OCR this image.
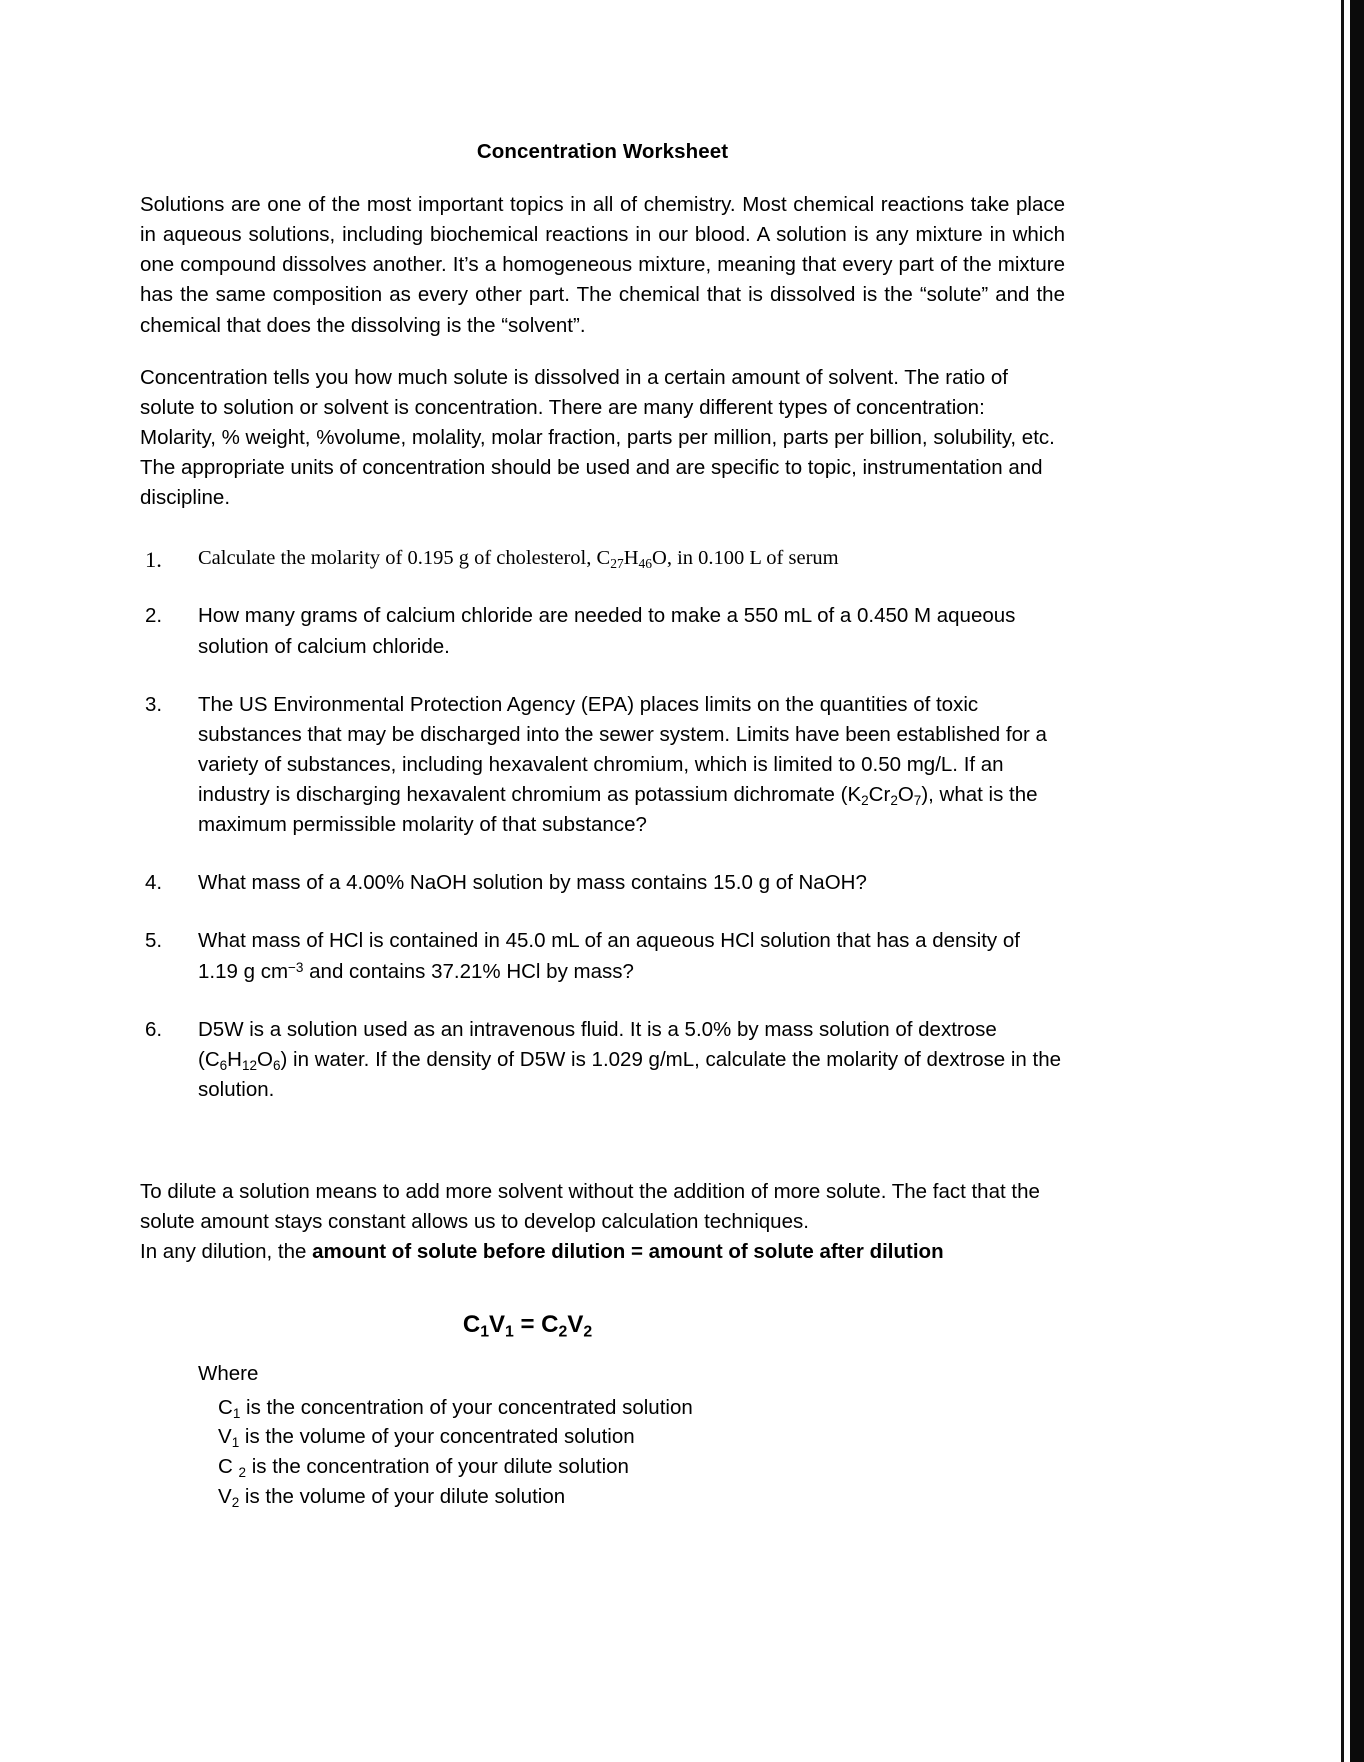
Concentration Worksheet

Solutions are one of the most important topics in all of chemistry. Most chemical reactions take place in aqueous solutions, including biochemical reactions in our blood. A solution is any mixture in which one compound dissolves another. It’s a homogeneous mixture, meaning that every part of the mixture has the same composition as every other part. The chemical that is dissolved is the “solute” and the chemical that does the dissolving is the “solvent”.

Concentration tells you how much solute is dissolved in a certain amount of solvent. The ratio of solute to solution or solvent is concentration. There are many different types of concentration: Molarity, % weight, %volume, molality, molar fraction, parts per million, parts per billion, solubility, etc. The appropriate units of concentration should be used and are specific to topic, instrumentation and discipline.

1.	Calculate the molarity of 0.195 g of cholesterol, $C_{27}H_{46}O$, in 0.100 L of serum
2.	How many grams of calcium chloride are needed to make a 550 mL of a 0.450 M aqueous solution of calcium chloride.
3.	The US Environmental Protection Agency (EPA) places limits on the quantities of toxic substances that may be discharged into the sewer system. Limits have been established for a variety of substances, including hexavalent chromium, which is limited to 0.50 mg/L. If an industry is discharging hexavalent chromium as potassium dichromate $(K_2Cr_2O_7)$, what is the maximum permissible molarity of that substance?
4.	What mass of a 4.00% NaOH solution by mass contains 15.0 g of NaOH?
5.	What mass of HCl is contained in 45.0 mL of an aqueous HCl solution that has a density of 1.19 g $cm^{-3}$ and contains 37.21% HCl by mass?
6.	D5W is a solution used as an intravenous fluid. It is a 5.0% by mass solution of dextrose $(C_6H_{12}O_6)$ in water. If the density of D5W is 1.029 g/mL, calculate the molarity of dextrose in the solution.

To dilute a solution means to add more solvent without the addition of more solute. The fact that the solute amount stays constant allows us to develop calculation techniques.

In any dilution, the amount of solute before dilution = amount of solute after dilution

$C_1V_1 = C_2V_2$
Where
$C_1$ is the concentration of your concentrated solution
$V_1$ is the volume of your concentrated solution
C $_2$ is the concentration of your dilute solution
$V_2$ is the volume of your dilute solution
